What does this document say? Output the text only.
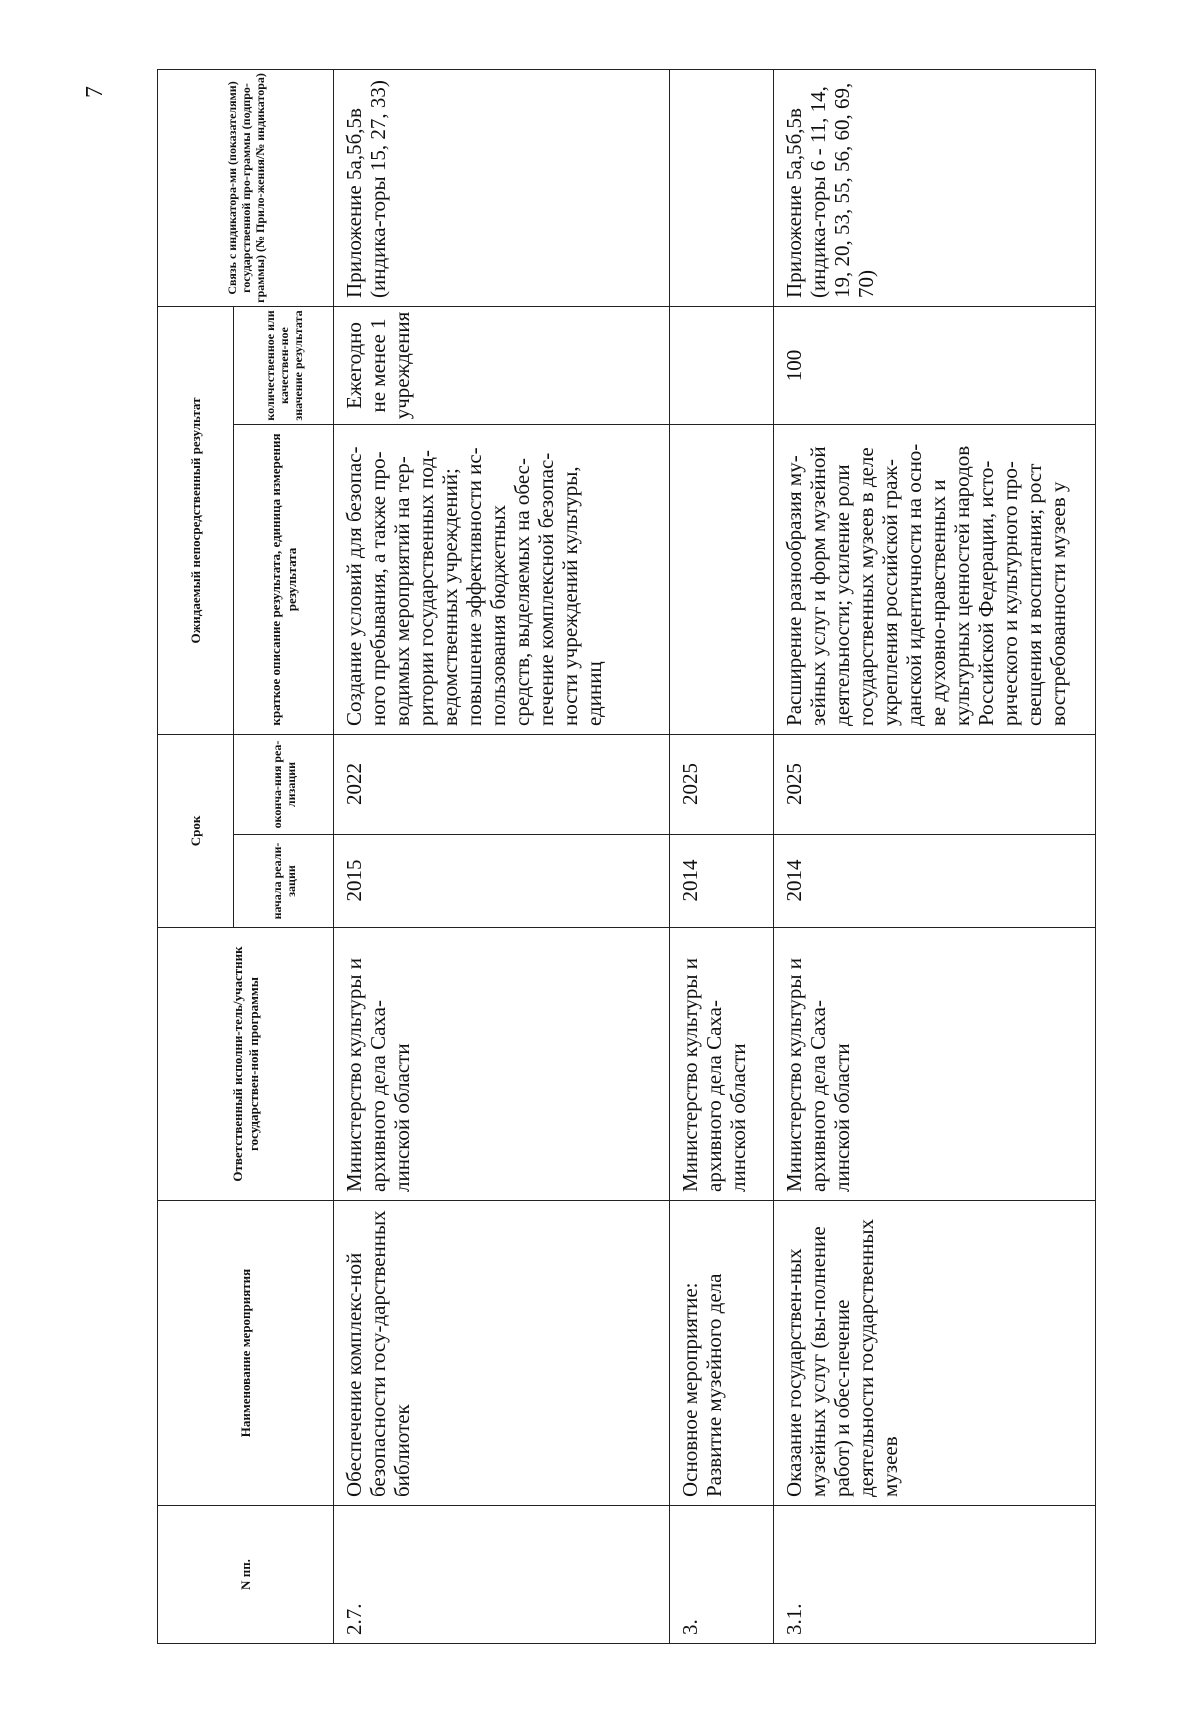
7
N пп.	Наименование мероприятия	Ответственный исполни-тель/участник государствен-ной программы	Срок		Ожидаемый непосредственный результат		Связь с индикатора-ми (показателями) государственной про-граммы (подпро-граммы) (№ Прило-жения/№ индикатора)
			начала реали-зации	оконча-ния реа-лизации	краткое описание результата, единица измерения результата	количественное или качествен-ное значение результата	
2.7.	Обеспечение комплекс-ной безопасности госу-дарственных библиотек	Министерство культуры и архивного дела Саха-линской области	2015	2022	Создание условий для безопас-ного пребывания, а также про-водимых мероприятий на тер-ритории государственных под-ведомственных учреждений; повышение эффективности ис-пользования бюджетных средств, выделяемых на обес-печение комплексной безопас-ности учреждений культуры, единиц	Ежегодно не менее 1 учреждения	Приложение 5а,5б,5в (индика-торы 15, 27, 33)
3.	Основное мероприятие: Развитие музейного дела	Министерство культуры и архивного дела Саха-линской области	2014	2025			
3.1.	Оказание государствен-ных музейных услуг (вы-полнение работ) и обес-печение деятельности государственных музеев	Министерство культуры и архивного дела Саха-линской области	2014	2025	Расширение разнообразия му-зейных услуг и форм музейной деятельности; усиление роли государственных музеев в деле укрепления российской граж-данской идентичности на осно-ве духовно-нравственных и культурных ценностей народов Российской Федерации, исто-рического и культурного про-свещения и воспитания; рост востребованности музеев у	100	Приложение 5а,5б,5в (индика-торы 6 - 11, 14, 19, 20, 53, 55, 56, 60, 69, 70)
